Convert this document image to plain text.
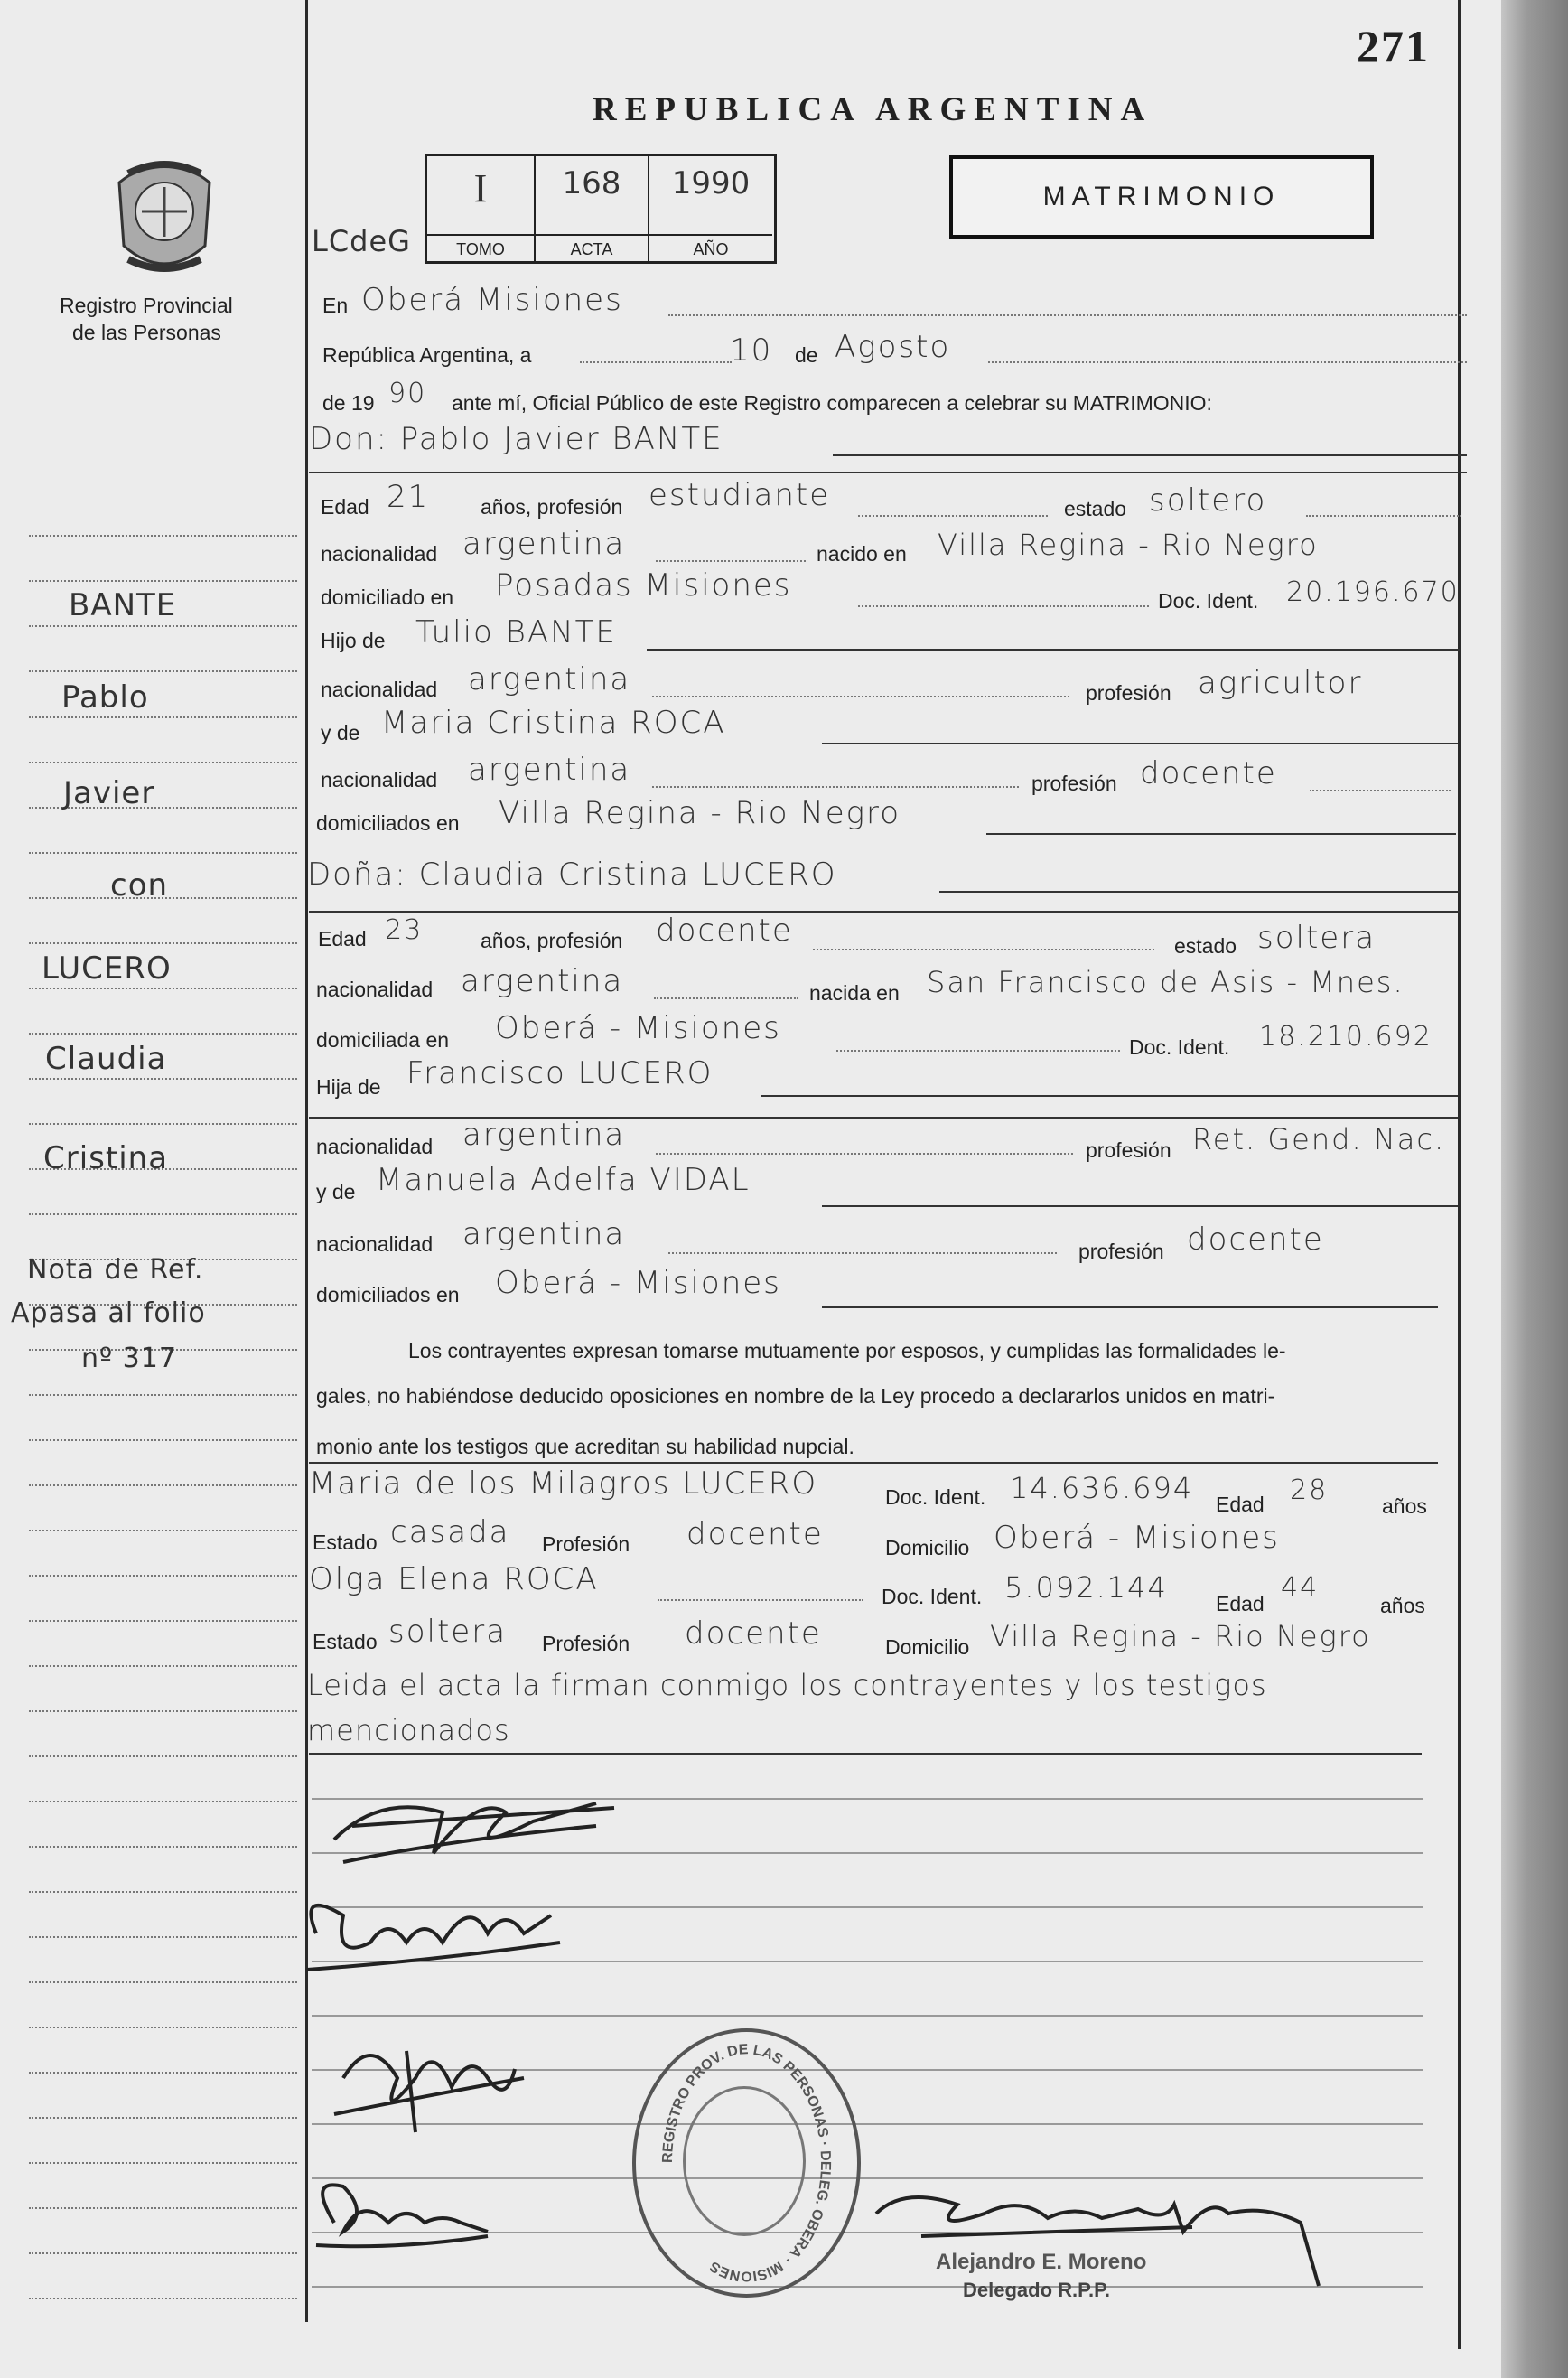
271
REPUBLICA ARGENTINA
Registro Provincial
de las Personas
LCdeG
I
TOMO
168
ACTA
1990
AÑO
MATRIMONIO
BANTE
Pablo
Javier
con
LUCERO
Claudia
Cristina
Nota de Ref.
Apasa al folio
nº 317
En Oberá Misiones
República Argentina, a	10 de Agosto
de 19 90 ante mí, Oficial Público de este Registro comparecen a celebrar su MATRIMONIO:
Don: Pablo Javier BANTE
Edad 21 años, profesión estudiante	estado soltero
nacionalidad argentina	nacido en Villa Regina - Rio Negro
domiciliado en Posadas Misiones	Doc. Ident. 20.196.670
Hijo de Tulio BANTE
nacionalidad argentina	profesión agricultor
y de Maria Cristina ROCA
nacionalidad argentina	profesión docente
domiciliados en Villa Regina - Rio Negro
Doña: Claudia Cristina LUCERO
Edad 23	años, profesión docente	estado soltera
nacionalidad argentina	nacida en San Francisco de Asis - Mnes.
domiciliada en Oberá - Misiones
Doc. Ident. 18.210.692
Hija de Francisco LUCERO
nacionalidad argentina	profesión Ret. Gend. Nac.
y de Manuela Adelfa VIDAL
nacionalidad argentina	profesión docente
domiciliados en Oberá - Misiones
Los contrayentes expresan tomarse mutuamente por esposos, y cumplidas las formalidades le-
gales, no habiéndose deducido oposiciones en nombre de la Ley procedo a declararlos unidos en matri-
monio ante los testigos que acreditan su habilidad nupcial.
Maria de los Milagros LUCERO	Doc. Ident. 14.636.694 Edad 28	años
Estado casada Profesión docente	Domicilio Oberá - Misiones
Olga Elena ROCA	Doc. Ident. 5.092.144 Edad 44
años
Estado soltera Profesión docente	Domicilio Villa Regina - Rio Negro
Leida el acta la firman conmigo los contrayentes y los testigos
mencionados
REGISTRO PROV. DE LAS PERSONAS · DELEG. OBERA · MISIONES	Alejandro E. Moreno
Delegado R.P.P.
